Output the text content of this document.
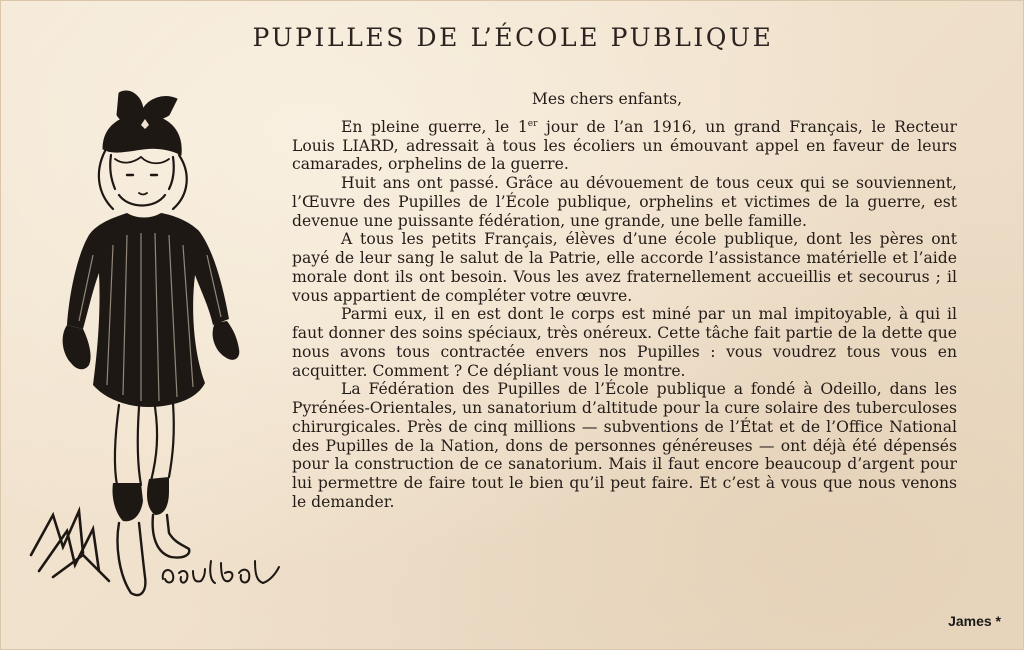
PUPILLES DE L’ÉCOLE PUBLIQUE

Mes chers enfants,

En pleine guerre, le 1er jour de l’an 1916, un grand Français, le Recteur Louis LIARD, adressait à tous les écoliers un émouvant appel en faveur de leurs camarades, orphelins de la guerre.

Huit ans ont passé. Grâce au dévouement de tous ceux qui se souviennent, l’Œuvre des Pupilles de l’École publique, orphelins et victimes de la guerre, est devenue une puissante fédération, une grande, une belle famille.

A tous les petits Français, élèves d’une école publique, dont les pères ont payé de leur sang le salut de la Patrie, elle accorde l’assistance matérielle et l’aide morale dont ils ont besoin. Vous les avez fraternellement accueillis et secourus ; il vous appartient de compléter votre œuvre.

Parmi eux, il en est dont le corps est miné par un mal impitoyable, à qui il faut donner des soins spéciaux, très onéreux. Cette tâche fait partie de la dette que nous avons tous contractée envers nos Pupilles : vous voudrez tous vous en acquitter. Comment ? Ce dépliant vous le montre.

La Fédération des Pupilles de l’École publique a fondé à Odeillo, dans les Pyrénées-Orientales, un sanatorium d’altitude pour la cure solaire des tuberculoses chirurgicales. Près de cinq millions — subventions de l’État et de l’Office National des Pupilles de la Nation, dons de personnes généreuses — ont déjà été dépensés pour la construction de ce sanatorium. Mais il faut encore beaucoup d’argent pour lui permettre de faire tout le bien qu’il peut faire. Et c’est à vous que nous venons le demander.

James *
